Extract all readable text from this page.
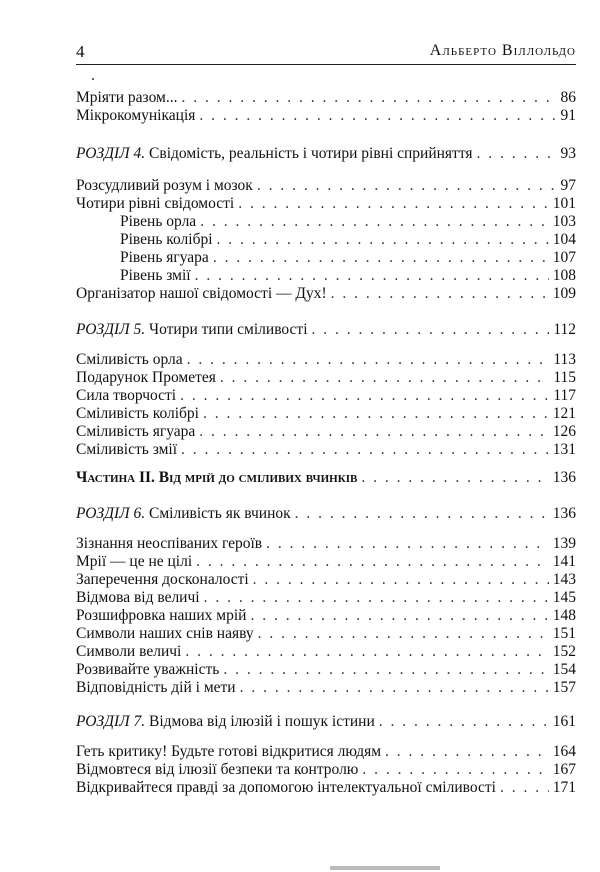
4	Альберто Віллольдо
Мріяти разом... . . .	86
Мікрокомунікація . . .	91
РОЗДІЛ 4. Свідомість, реальність і чотири рівні сприйняття . . .	93
Розсудливий розум і мозок . . .	97
Чотири рівні свідомості . . .	101
Рівень орла . . .	103
Рівень колібрі . . .	104
Рівень ягуара . . .	107
Рівень змії . . .	108
Організатор нашої свідомості — Дух! . . .	109
РОЗДІЛ 5. Чотири типи сміливості . . .	112
Сміливість орла . . .	113
Подарунок Прометея . . .	115
Сила творчості . . .	117
Сміливість колібрі . . .	121
Сміливість ягуара . . .	126
Сміливість змії . . .	131
Частина II. Від мрій до сміливих вчинків . . .	136
РОЗДІЛ 6. Сміливість як вчинок . . .	136
Зізнання неоспіваних героїв . . .	139
Мрії — це не цілі . . .	141
Заперечення досконалості . . .	143
Відмова від величі . . .	145
Розшифровка наших мрій . . .	148
Символи наших снів наяву . . .	151
Символи величі . . .	152
Розвивайте уважність . . .	154
Відповідність дій і мети . . .	157
РОЗДІЛ 7. Відмова від ілюзій і пошук істини . . .	161
Геть критику! Будьте готові відкритися людям . . .	164
Відмовтеся від ілюзії безпеки та контролю . . .	167
Відкривайтеся правді за допомогою інтелектуальної сміливості . . .	171
